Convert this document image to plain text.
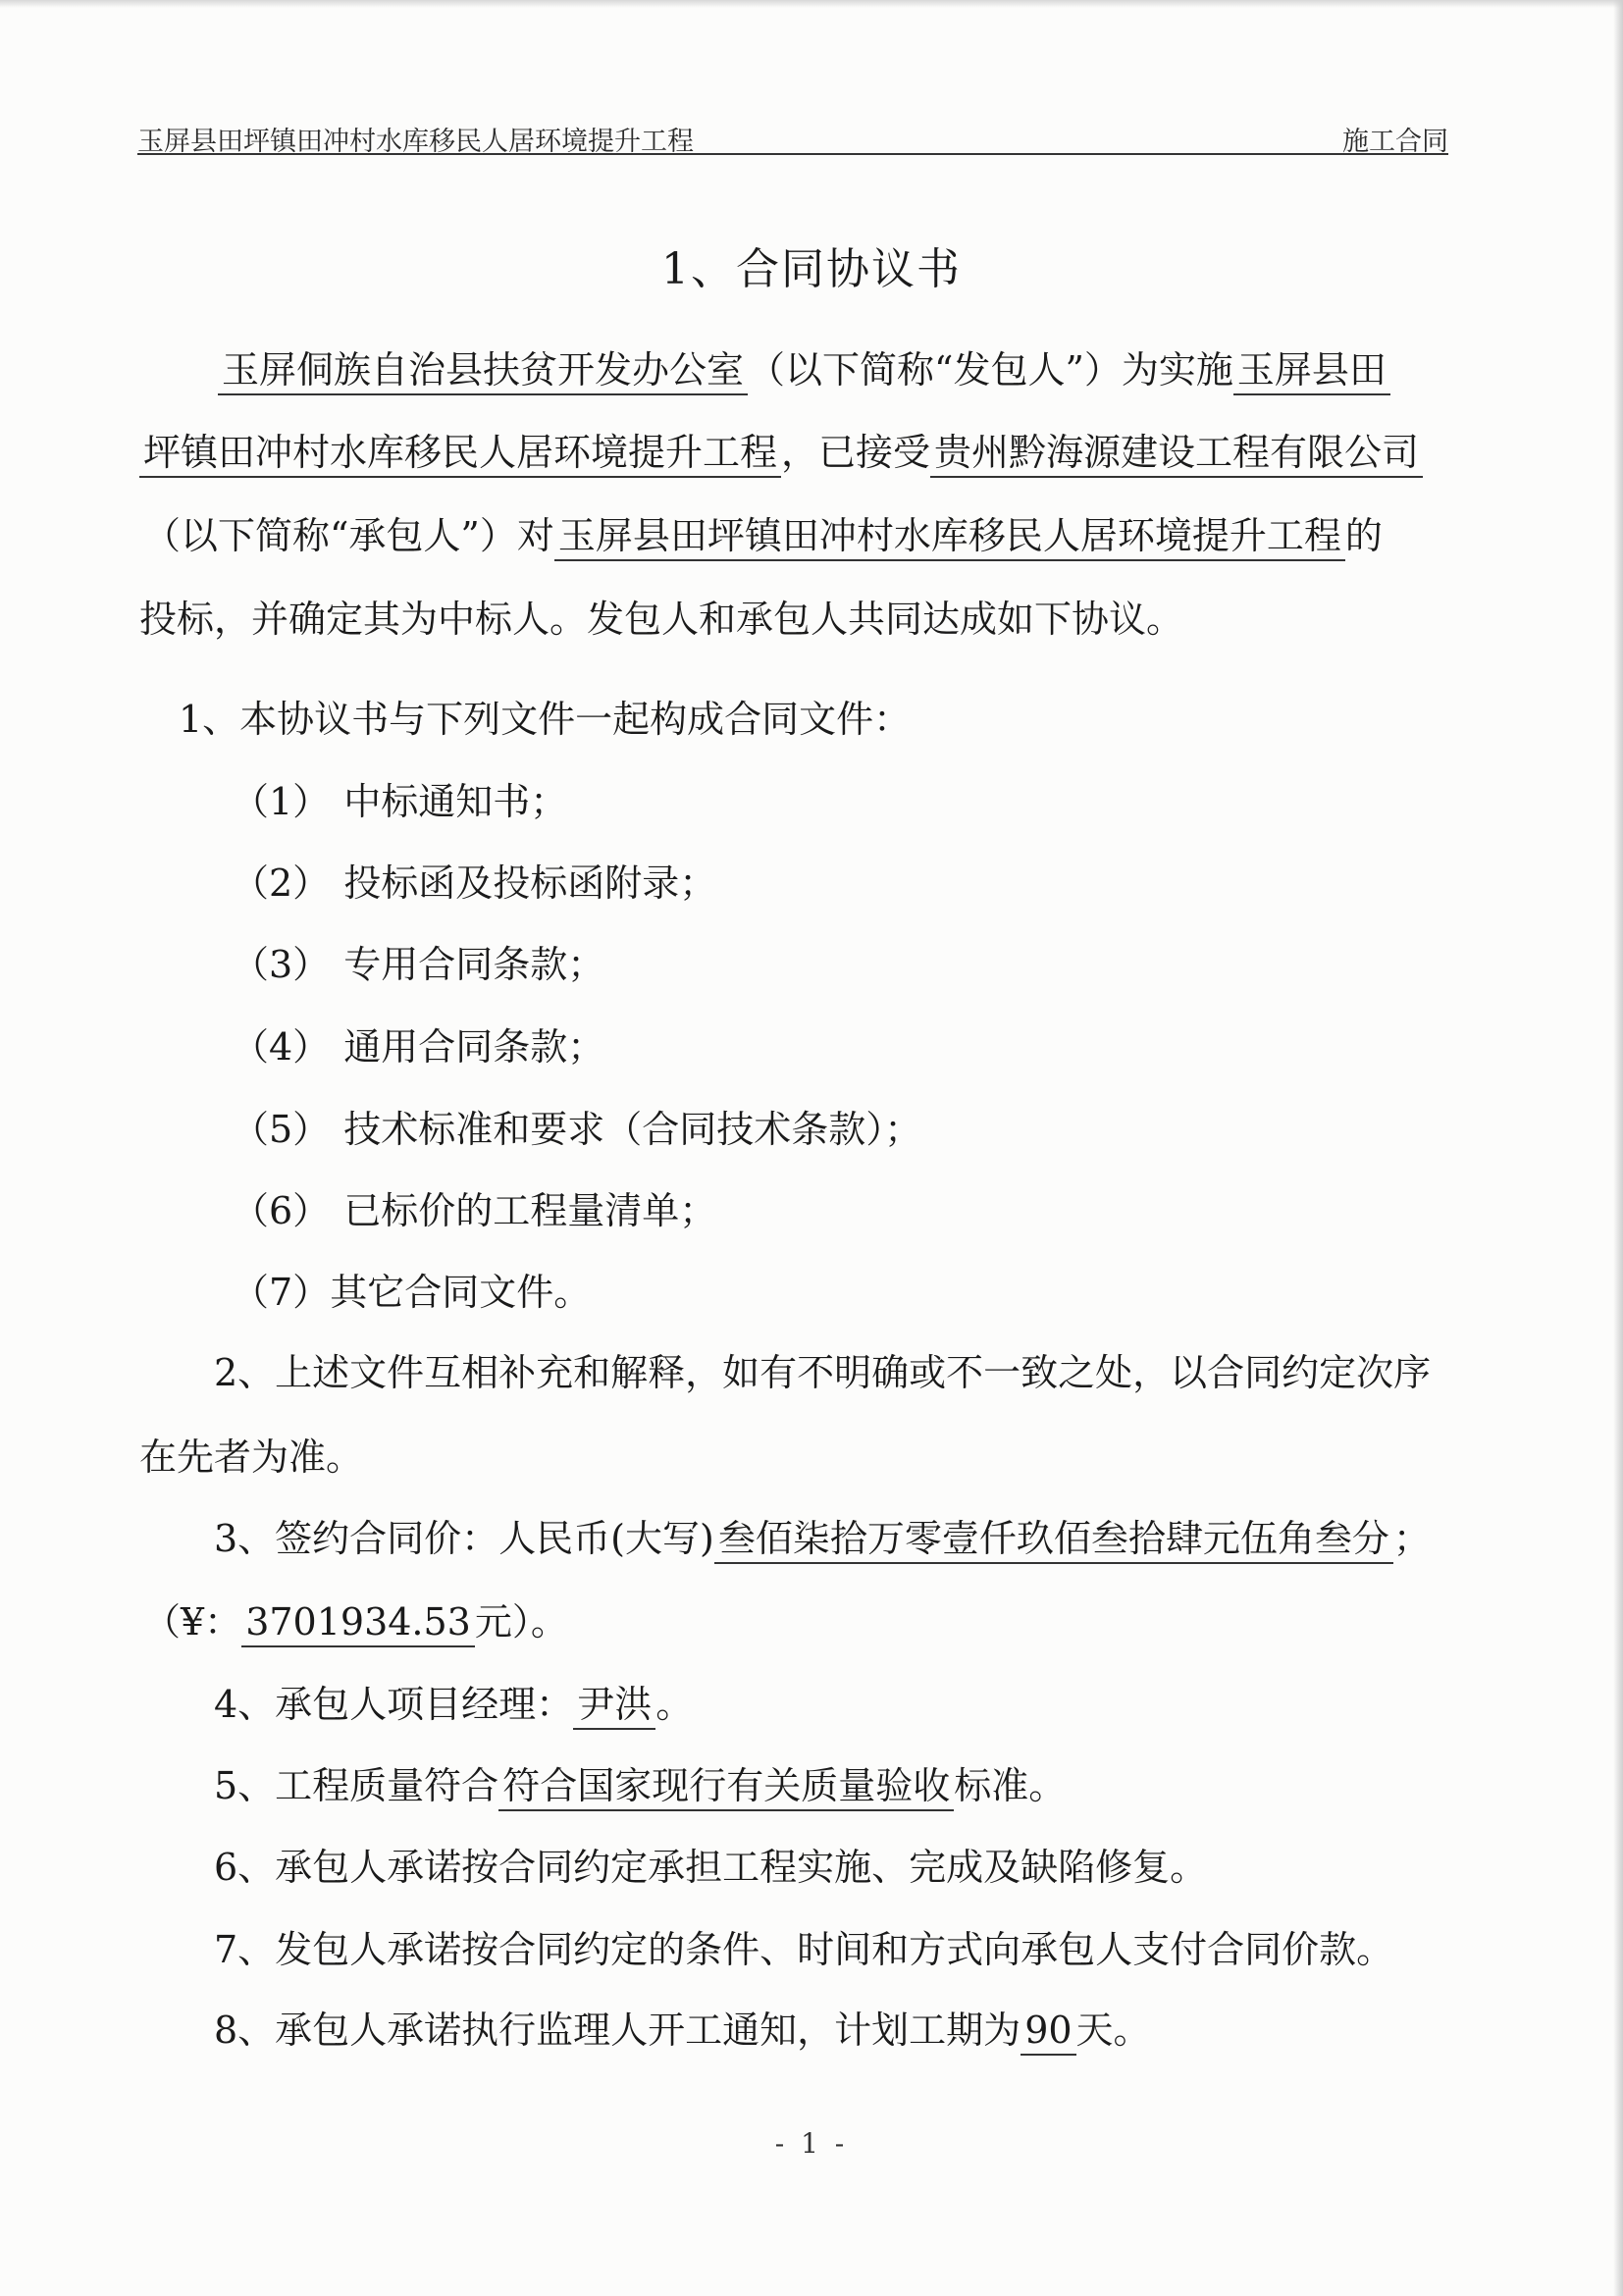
玉屏县田坪镇田冲村水库移民人居环境提升工程	施工合同
1、合同协议书
玉屏侗族自治县扶贫开发办公室 （以下简称“发包人”）为实施 玉屏县田
坪镇田冲村水库移民人居环境提升工程 ，已接受 贵州黔海源建设工程有限公司
（以下简称“承包人”）对 玉屏县田坪镇田冲村水库移民人居环境提升工程 的
投标，并确定其为中标人。发包人和承包人共同达成如下协议。
1、本协议书与下列文件一起构成合同文件：
（1） 中标通知书；
（2） 投标函及投标函附录；
（3） 专用合同条款；
（4） 通用合同条款；
（5） 技术标准和要求（合同技术条款）；
（6） 已标价的工程量清单；
（7）其它合同文件。
2、上述文件互相补充和解释，如有不明确或不一致之处，以合同约定次序
在先者为准。
3、签约合同价：人民币(大写) 叁佰柒拾万零壹仟玖佰叁拾肆元伍角叁分 ；
（¥： 3701934.53 元）。
4、承包人项目经理： 尹洪 。
5、工程质量符合 符合国家现行有关质量验收 标准。
6、承包人承诺按合同约定承担工程实施、完成及缺陷修复。
7、发包人承诺按合同约定的条件、时间和方式向承包人支付合同价款。
8、承包人承诺执行监理人开工通知，计划工期为 90 天。
- 1 -
